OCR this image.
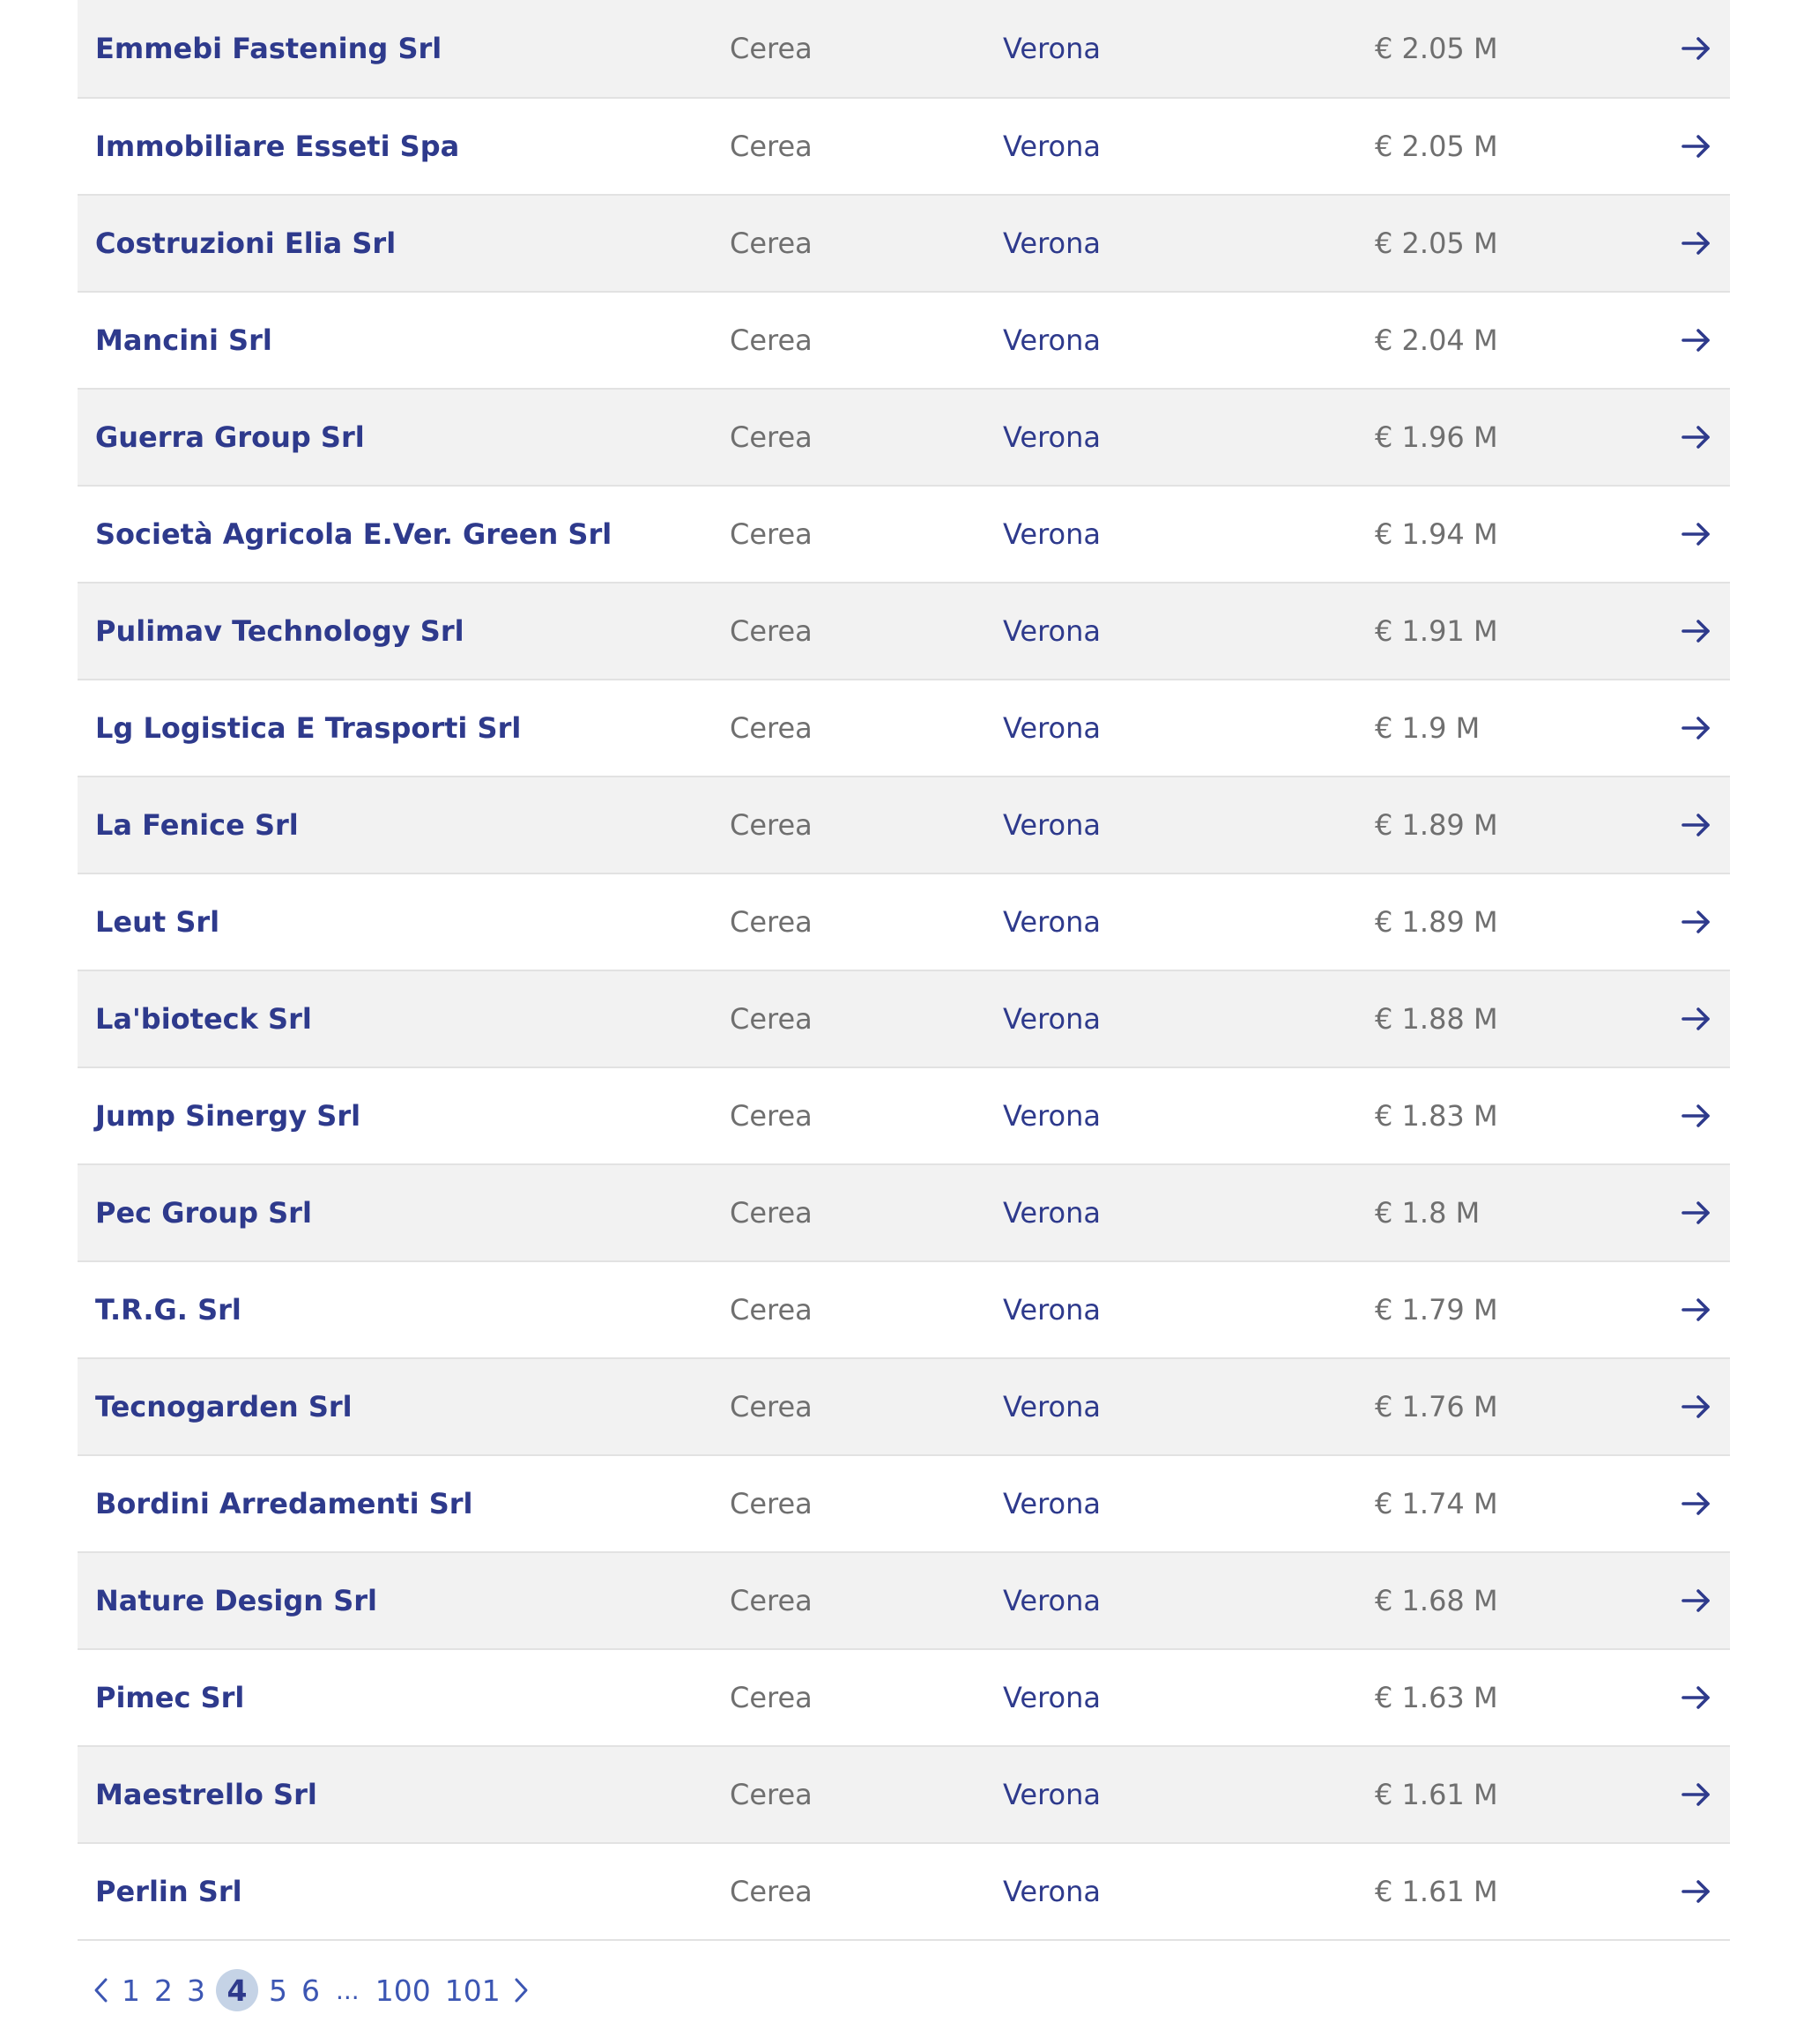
Emmebi Fastening Srl	Cerea	Verona	€ 2.05 M
Immobiliare Esseti Spa	Cerea	Verona	€ 2.05 M
Costruzioni Elia Srl	Cerea	Verona	€ 2.05 M
Mancini Srl	Cerea	Verona	€ 2.04 M
Guerra Group Srl	Cerea	Verona	€ 1.96 M
Società Agricola E.Ver. Green Srl	Cerea	Verona	€ 1.94 M
Pulimav Technology Srl	Cerea	Verona	€ 1.91 M
Lg Logistica E Trasporti Srl	Cerea	Verona	€ 1.9 M
La Fenice Srl	Cerea	Verona	€ 1.89 M
Leut Srl	Cerea	Verona	€ 1.89 M
La'bioteck Srl	Cerea	Verona	€ 1.88 M
Jump Sinergy Srl	Cerea	Verona	€ 1.83 M
Pec Group Srl	Cerea	Verona	€ 1.8 M
T.R.G. Srl	Cerea	Verona	€ 1.79 M
Tecnogarden Srl	Cerea	Verona	€ 1.76 M
Bordini Arredamenti Srl	Cerea	Verona	€ 1.74 M
Nature Design Srl	Cerea	Verona	€ 1.68 M
Pimec Srl	Cerea	Verona	€ 1.63 M
Maestrello Srl	Cerea	Verona	€ 1.61 M
Perlin Srl	Cerea	Verona	€ 1.61 M
1 2 3 4 5 6 ... 100 101
